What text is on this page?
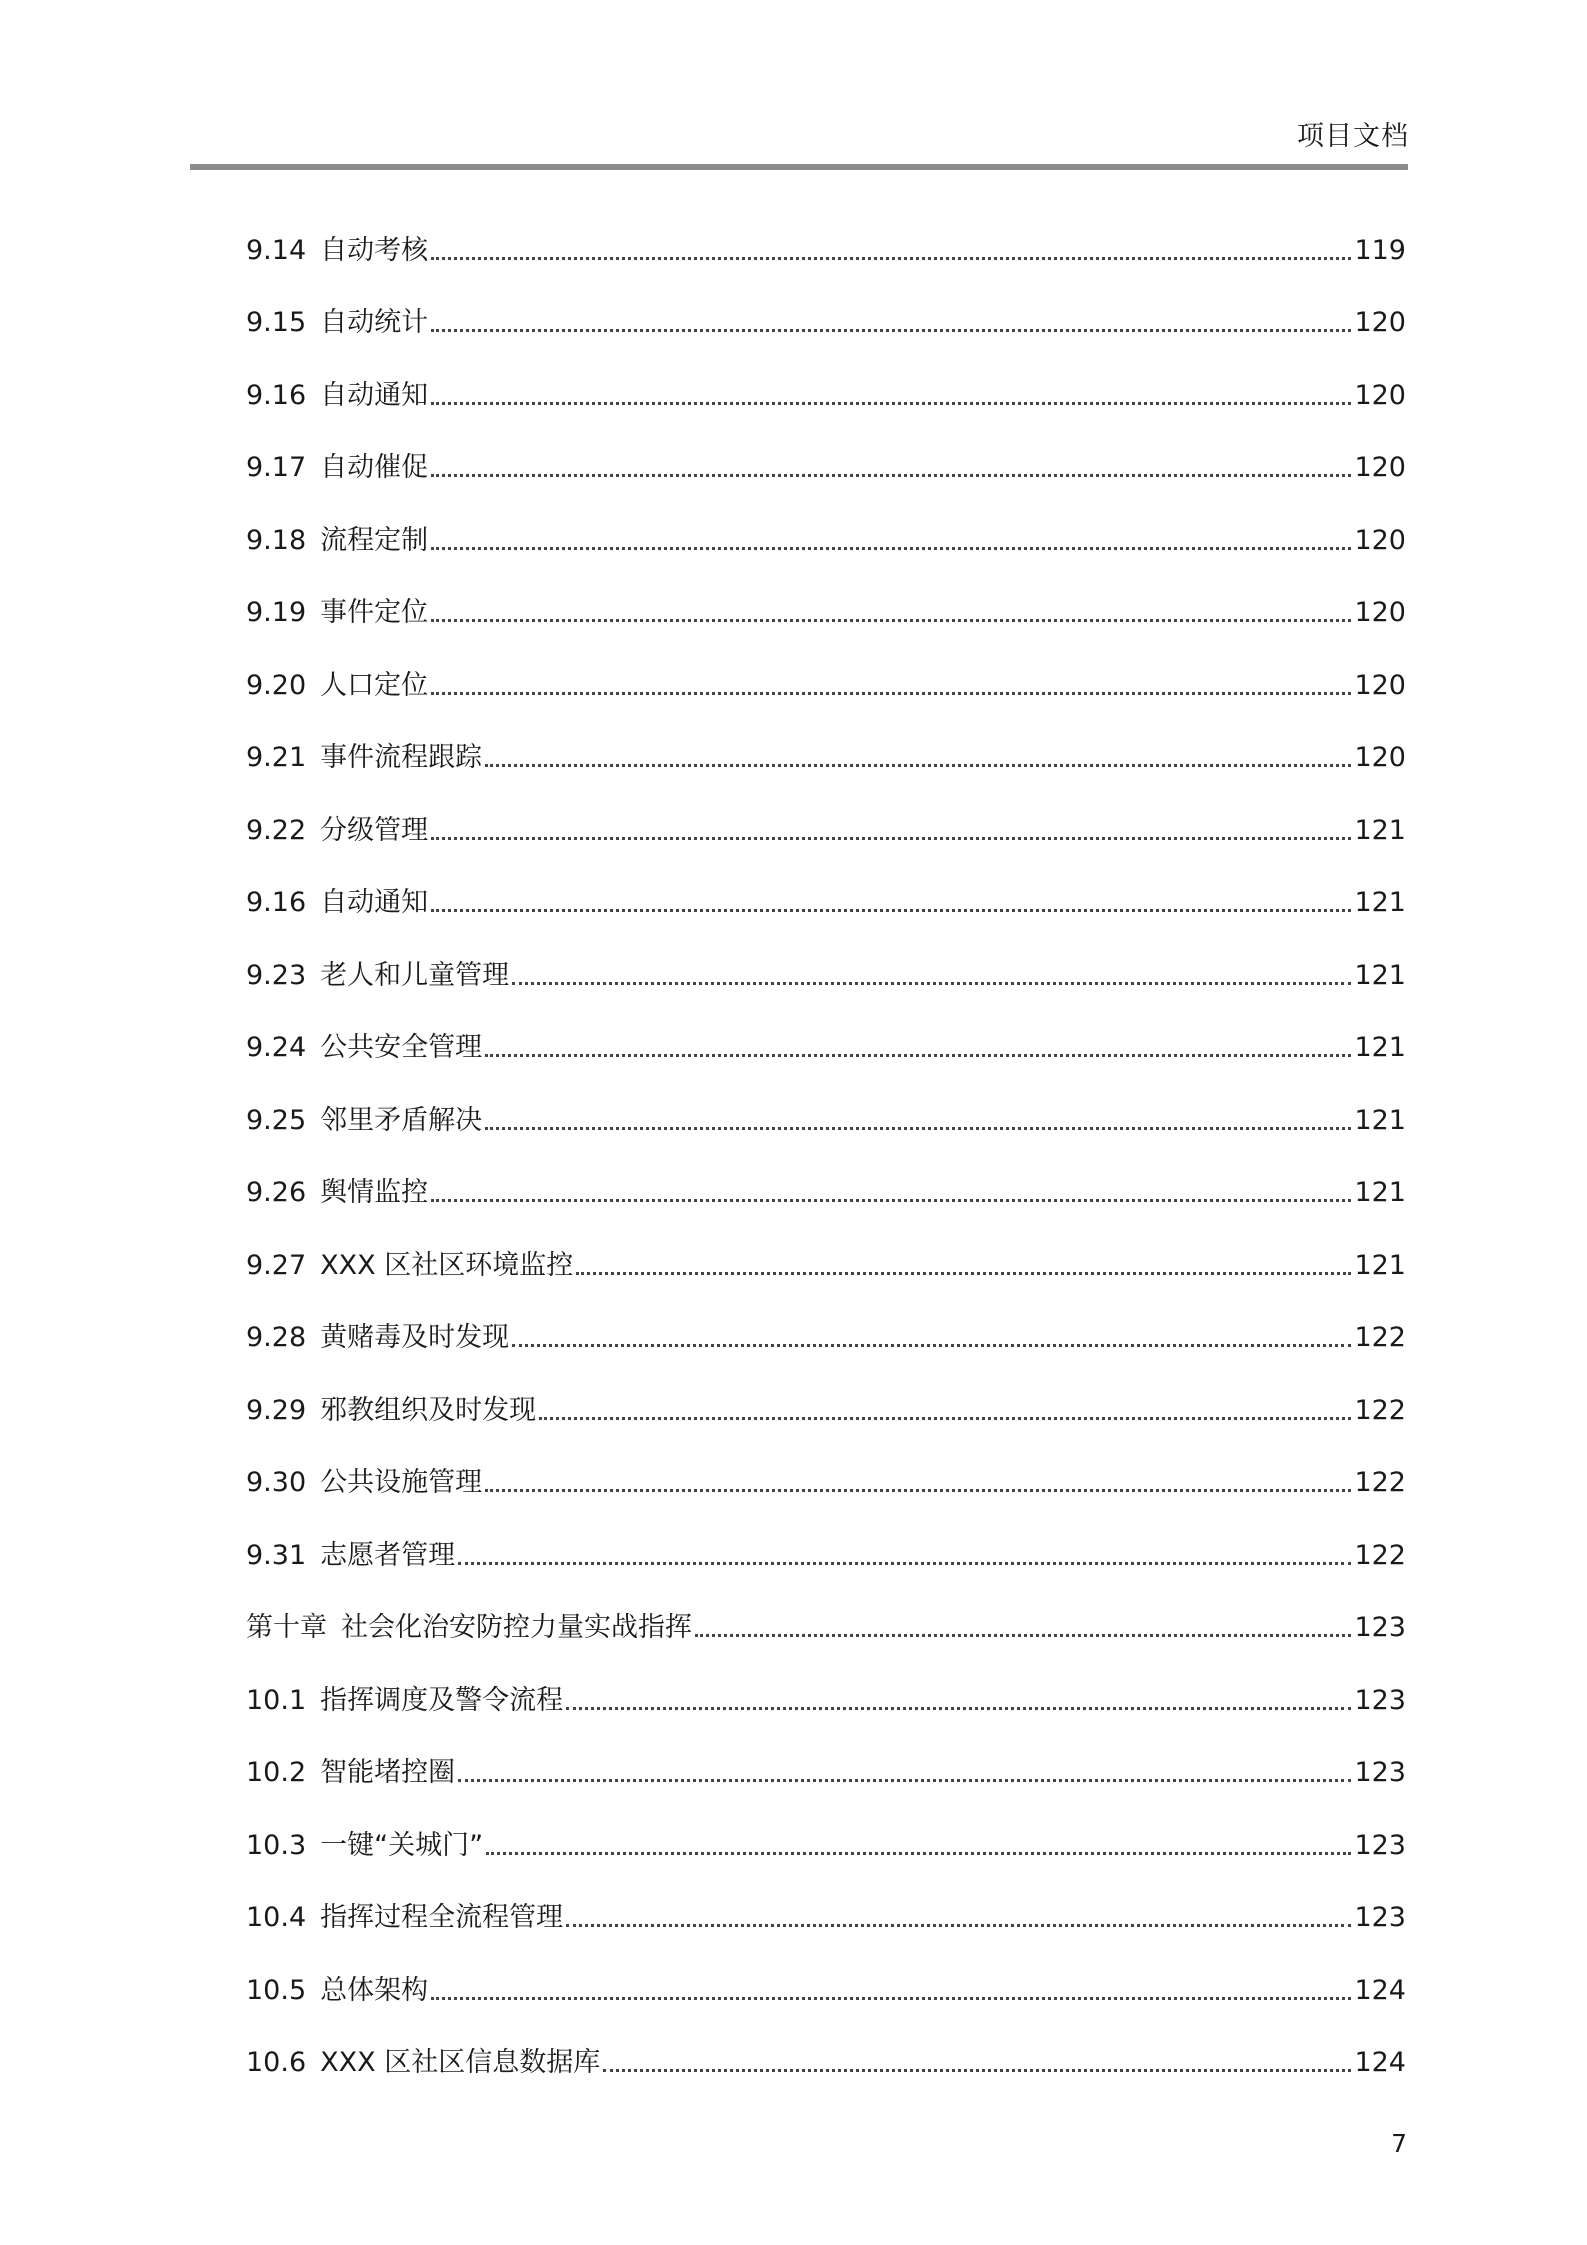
项目文档
9.14 自动考核	119
9.15 自动统计	120
9.16 自动通知	120
9.17 自动催促	120
9.18 流程定制	120
9.19 事件定位	120
9.20 人口定位	120
9.21 事件流程跟踪	120
9.22 分级管理	121
9.16 自动通知	121
9.23 老人和儿童管理	121
9.24 公共安全管理	121
9.25 邻里矛盾解决	121
9.26 舆情监控	121
9.27 XXX 区社区环境监控	121
9.28 黄赌毒及时发现	122
9.29 邪教组织及时发现	122
9.30 公共设施管理	122
9.31 志愿者管理	122
第十章 社会化治安防控力量实战指挥	123
10.1 指挥调度及警令流程	123
10.2 智能堵控圈	123
10.3 一键“关城门”	123
10.4 指挥过程全流程管理	123
10.5 总体架构	124
10.6 XXX 区社区信息数据库	124
7
